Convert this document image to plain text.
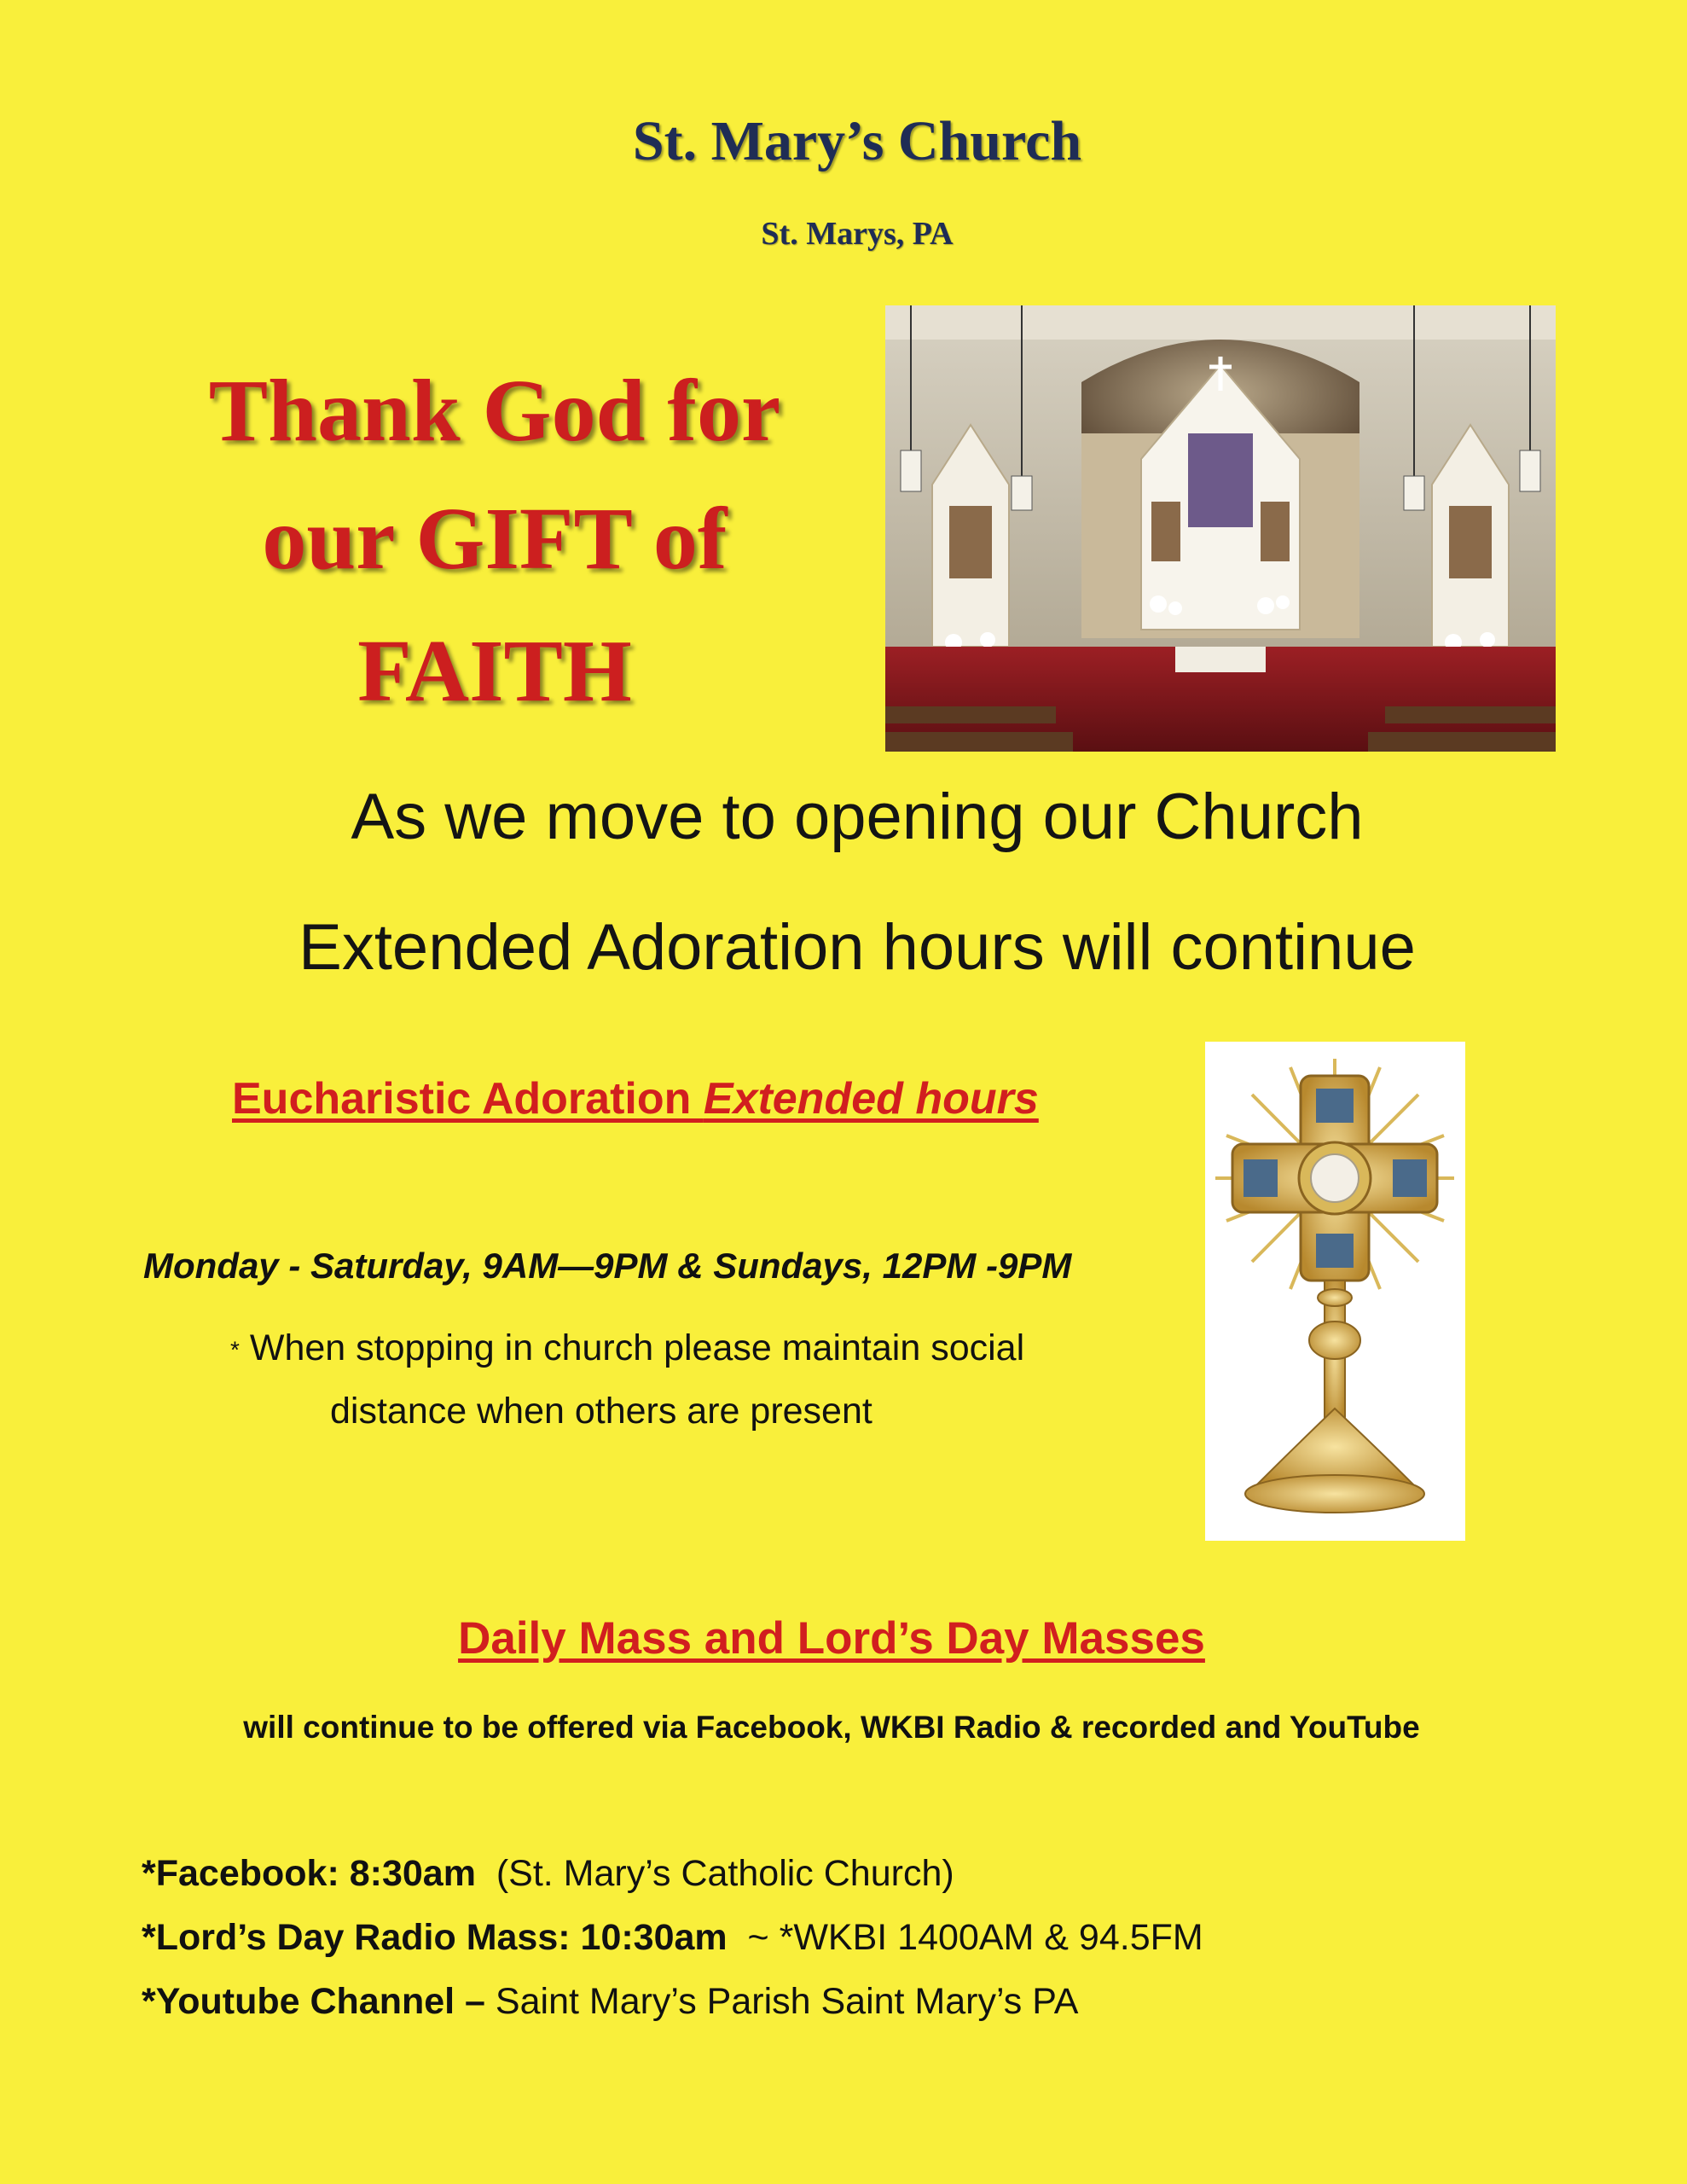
St. Mary’s Church
St. Marys, PA
Thank God for
our GIFT of
FAITH
As we move to opening our Church
Extended Adoration hours will continue
Eucharistic Adoration Extended hours
Monday - Saturday, 9AM—9PM & Sundays, 12PM -9PM
* When stopping in church please maintain social
distance when others are present
Daily Mass and Lord’s Day Masses
will continue to be offered via Facebook, WKBI Radio & recorded and YouTube
*Facebook: 8:30am  (St. Mary’s Catholic Church)
*Lord’s Day Radio Mass: 10:30am  ~ *WKBI 1400AM & 94.5FM
*Youtube Channel – Saint Mary’s Parish Saint Mary’s PA
